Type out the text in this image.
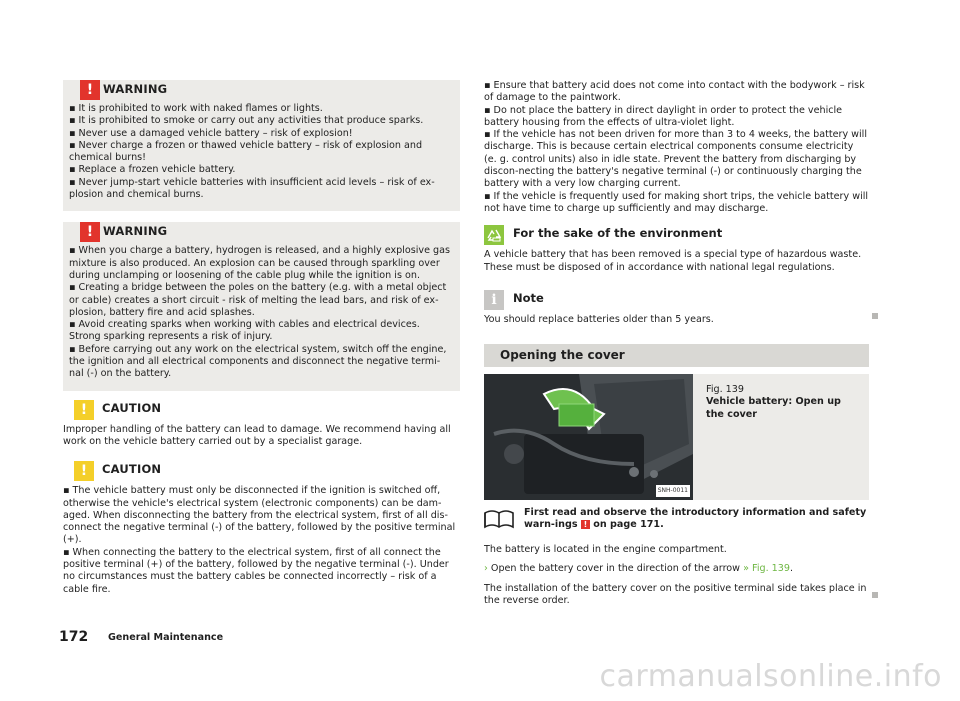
! WARNING

▪ It is prohibited to work with naked flames or lights.

▪ It is prohibited to smoke or carry out any activities that produce sparks.

▪ Never use a damaged vehicle battery – risk of explosion!

▪ Never charge a frozen or thawed vehicle battery – risk of explosion and chemical burns!

▪ Replace a frozen vehicle battery.

▪ Never jump-start vehicle batteries with insufficient acid levels – risk of ex-plosion and chemical burns.

! WARNING

▪ When you charge a battery, hydrogen is released, and a highly explosive gas mixture is also produced. An explosion can be caused through sparkling over during unclamping or loosening of the cable plug while the ignition is on.

▪ Creating a bridge between the poles on the battery (e.g. with a metal object or cable) creates a short circuit - risk of melting the lead bars, and risk of ex-plosion, battery fire and acid splashes.

▪ Avoid creating sparks when working with cables and electrical devices. Strong sparking represents a risk of injury.

▪ Before carrying out any work on the electrical system, switch off the engine, the ignition and all electrical components and disconnect the negative termi-nal (-) on the battery.

!	CAUTION

Improper handling of the battery can lead to damage. We recommend having all work on the vehicle battery carried out by a specialist garage.

!	CAUTION

▪ The vehicle battery must only be disconnected if the ignition is switched off, otherwise the vehicle's electrical system (electronic components) can be dam-aged. When disconnecting the battery from the electrical system, first of all dis-connect the negative terminal (-) of the battery, followed by the positive terminal (+).

▪ When connecting the battery to the electrical system, first of all connect the positive terminal (+) of the battery, followed by the negative terminal (-). Under no circumstances must the battery cables be connected incorrectly – risk of a cable fire.

▪ Ensure that battery acid does not come into contact with the bodywork – risk of damage to the paintwork.

▪ Do not place the battery in direct daylight in order to protect the vehicle battery housing from the effects of ultra-violet light.

▪ If the vehicle has not been driven for more than 3 to 4 weeks, the battery will discharge. This is because certain electrical components consume electricity (e. g. control units) also in idle state. Prevent the battery from discharging by discon-necting the battery's negative terminal (-) or continuously charging the battery with a very low charging current.

▪ If the vehicle is frequently used for making short trips, the vehicle battery will not have time to charge up sufficiently and may discharge.

For the sake of the environment

A vehicle battery that has been removed is a special type of hazardous waste. These must be disposed of in accordance with national legal regulations.

i	Note

You should replace batteries older than 5 years.

Opening the cover
SNH-0011

Fig. 139

Vehicle battery: Open up the cover

First read and observe the introductory information and safety warn-ings ! on page 171.

The battery is located in the engine compartment.

› Open the battery cover in the direction of the arrow » Fig. 139.

The installation of the battery cover on the positive terminal side takes place in the reverse order.

172 General Maintenance
carmanualsonline.info
